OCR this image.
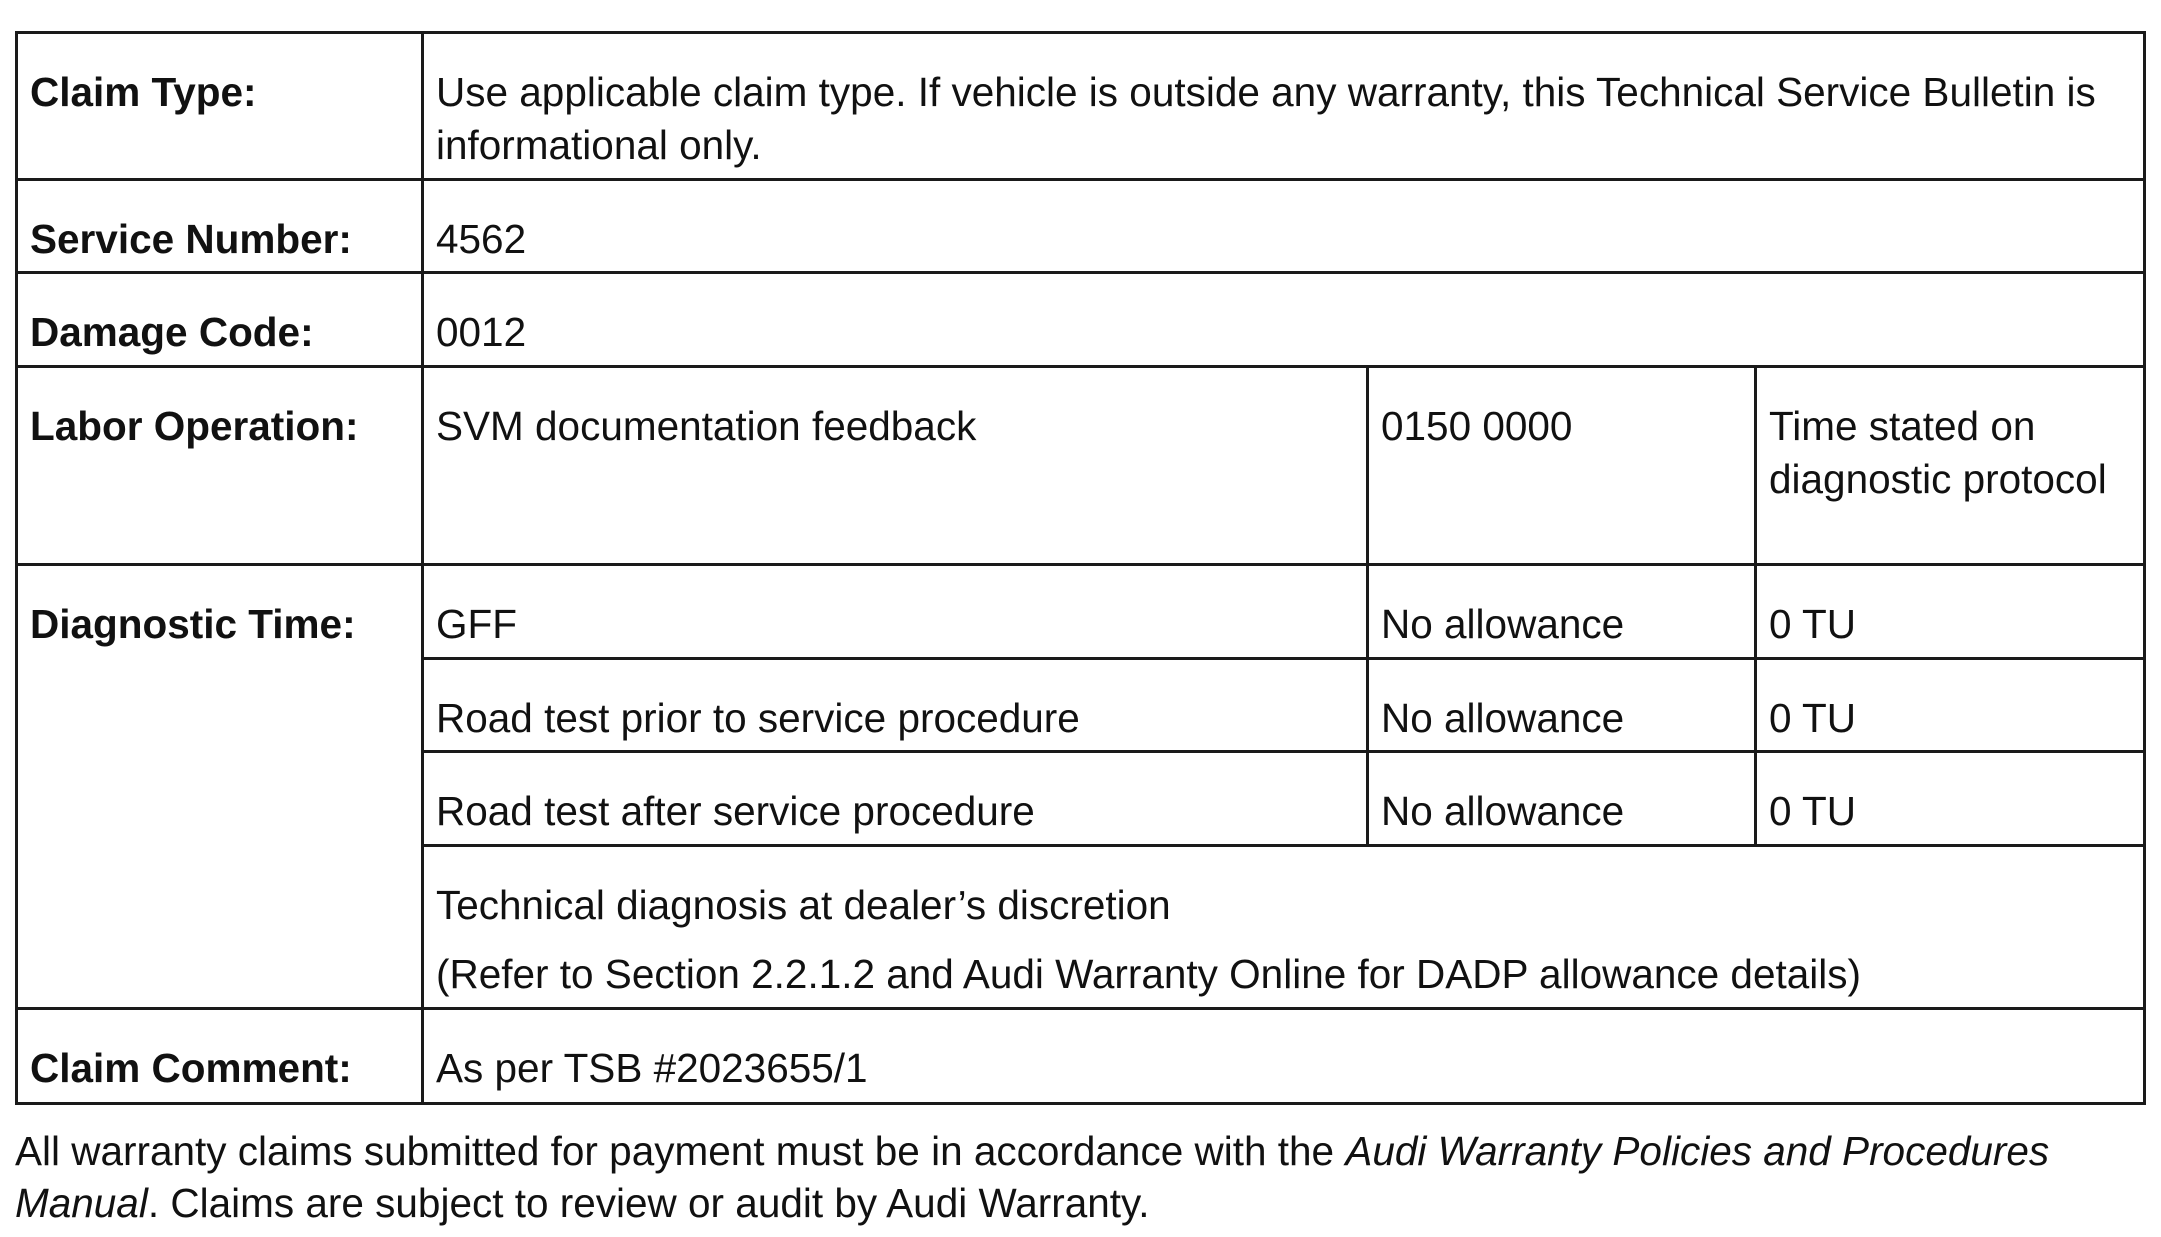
Claim Type:	Use applicable claim type. If vehicle is outside any warranty, this Technical Service Bulletin is informational only.		
Service Number:	4562		
Damage Code:	0012		
Labor Operation:	SVM documentation feedback	0150 0000	Time stated on diagnostic protocol
Diagnostic Time:	GFF	No allowance	0 TU
	Road test prior to service procedure	No allowance	0 TU
	Road test after service procedure	No allowance	0 TU
	Technical diagnosis at dealer’s discretion
(Refer to Section 2.2.1.2 and Audi Warranty Online for DADP allowance details)		

Claim Comment:	As per TSB #2023655/1		
All warranty claims submitted for payment must be in accordance with the Audi Warranty Policies and Procedures Manual. Claims are subject to review or audit by Audi Warranty.
